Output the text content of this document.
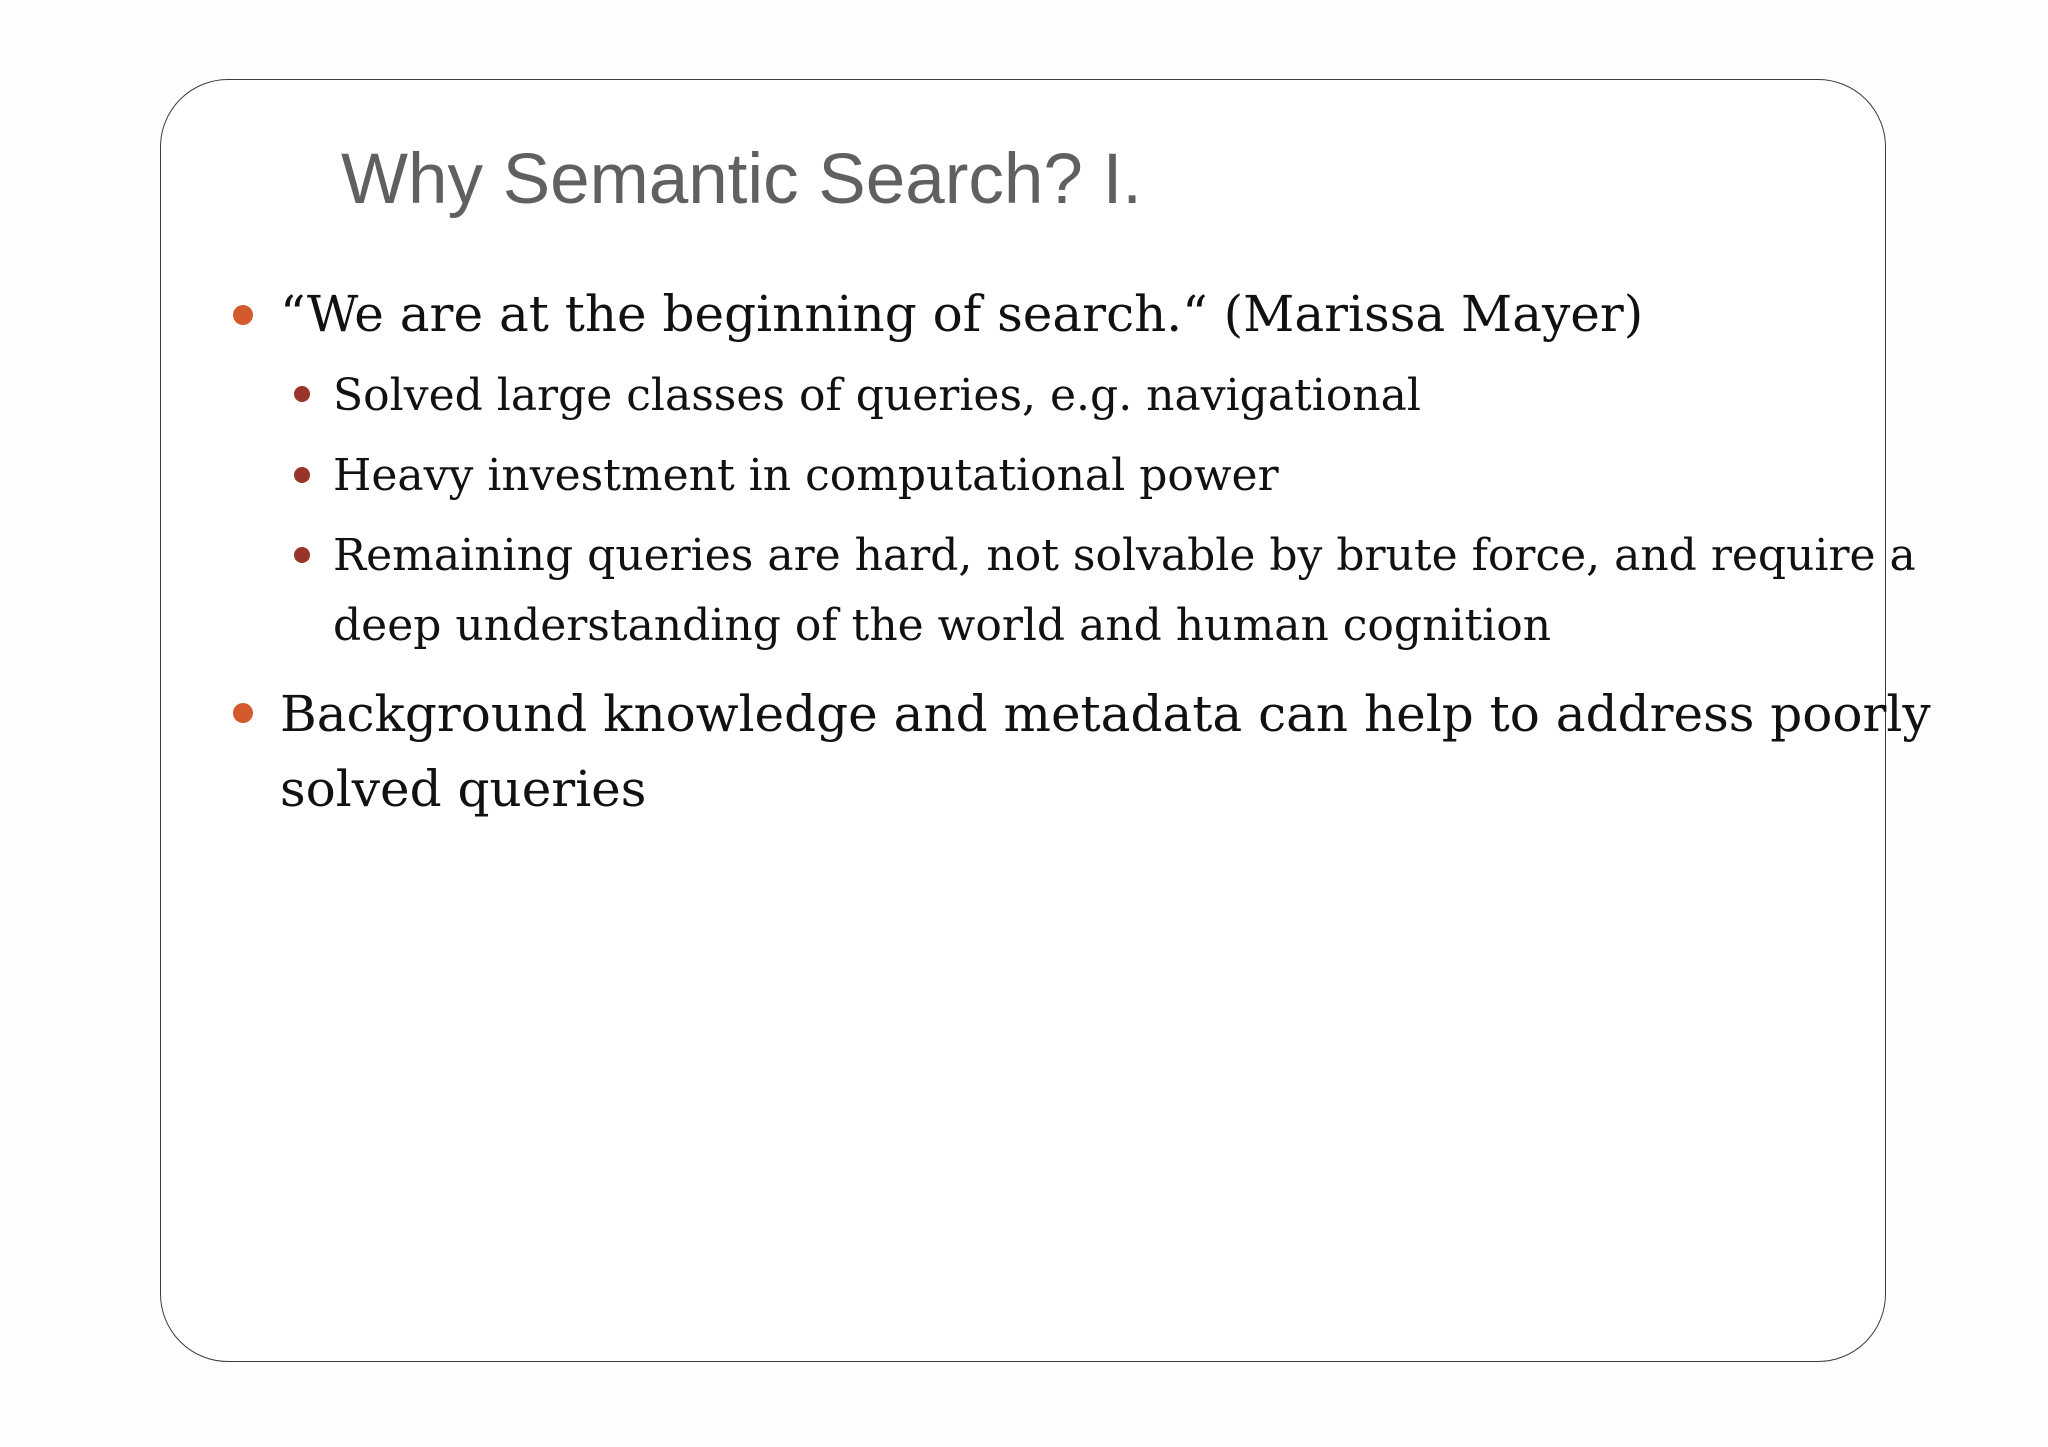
Why Semantic Search? I.

“We are at the beginning of search.“ (Marissa Mayer)

Solved large classes of queries, e.g. navigational

Heavy investment in computational power

Remaining queries are hard, not solvable by brute force, and require a

deep understanding of the world and human cognition

Background knowledge and metadata can help to address poorly

solved queries
